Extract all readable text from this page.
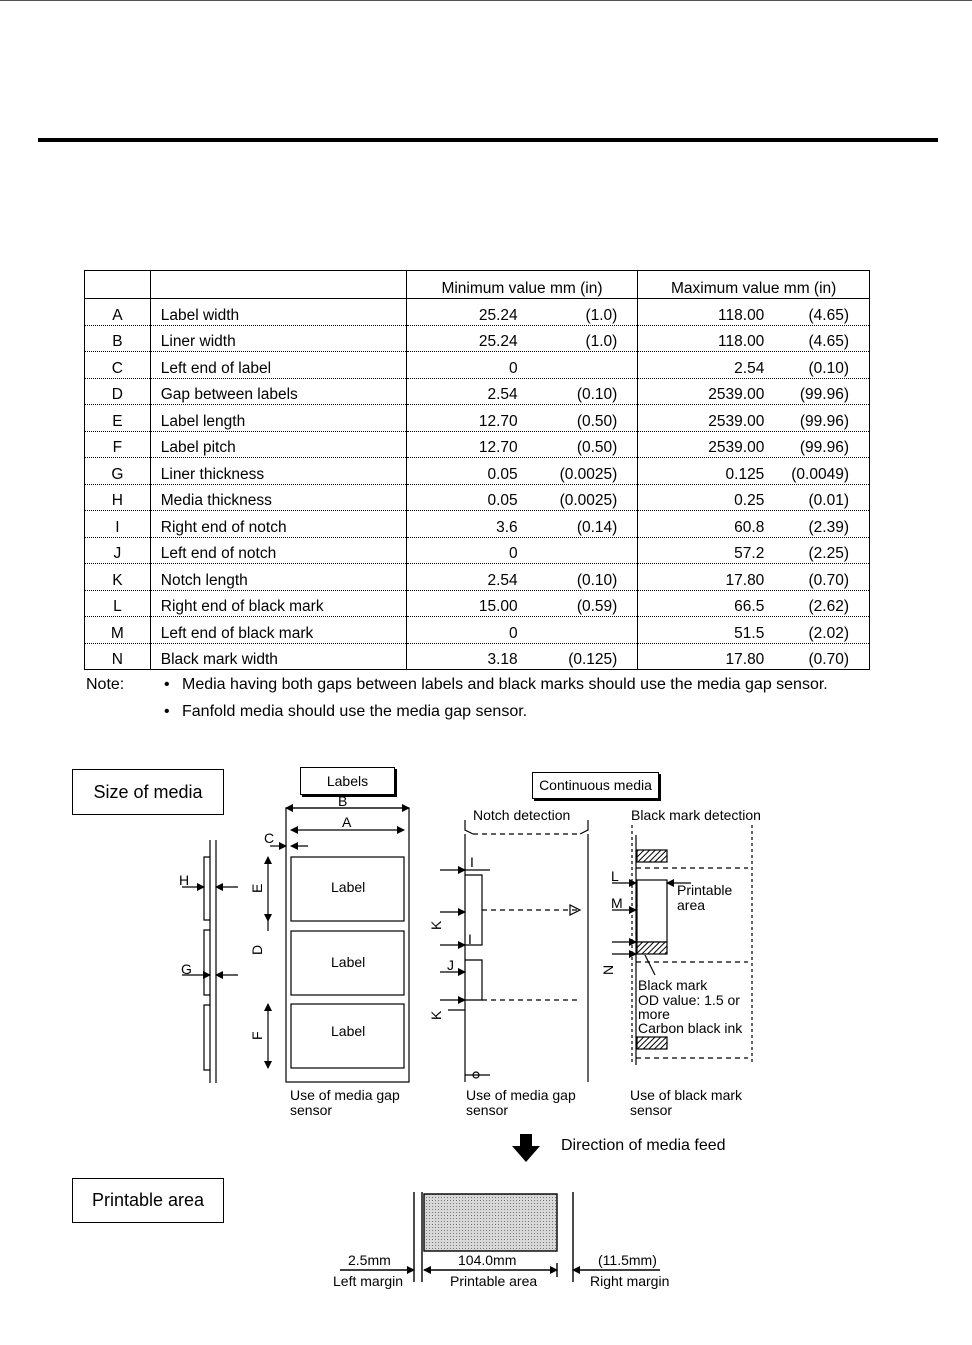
		Minimum value mm (in)	Maximum value mm (in)
A	Label width	25.24 (1.0)	118.00 (4.65)

B	Liner width	25.24 (1.0)	118.00 (4.65)

C	Left end of label	0	2.54 (0.10)

D	Gap between labels	2.54 (0.10)	2539.00 (99.96)

E	Label length	12.70 (0.50)	2539.00 (99.96)

F	Label pitch	12.70 (0.50)	2539.00 (99.96)

G	Liner thickness	0.05 (0.0025)	0.125 (0.0049)

H	Media thickness	0.05 (0.0025)	0.25 (0.01)

I	Right end of notch	3.6 (0.14)	60.8 (2.39)

J	Left end of notch	0	57.2 (2.25)

K	Notch length	2.54 (0.10)	17.80 (0.70)

L	Right end of black mark	15.00 (0.59)	66.5 (2.62)

M	Left end of black mark	0	51.5 (2.02)

N	Black mark width	3.18 (0.125)	17.80 (0.70)
Note: • Media having both gaps between labels and black marks should use the media gap sensor.
• Fanfold media should use the media gap sensor.
Size of media
Labels	Continuous media
Printable area
H
G
B
A
C
E
D
F
Label
Label
Label
Notch detection
I
I
J
K
K
Black mark detection
L
M
N
Printable
area
Black mark
OD value: 1.5 or
more
Carbon black ink
Use of media gap
sensor
Use of media gap
sensor
Use of black mark
sensor
Direction of media feed
2.5mm
Left margin
104.0mm
Printable area
(11.5mm)
Right margin
